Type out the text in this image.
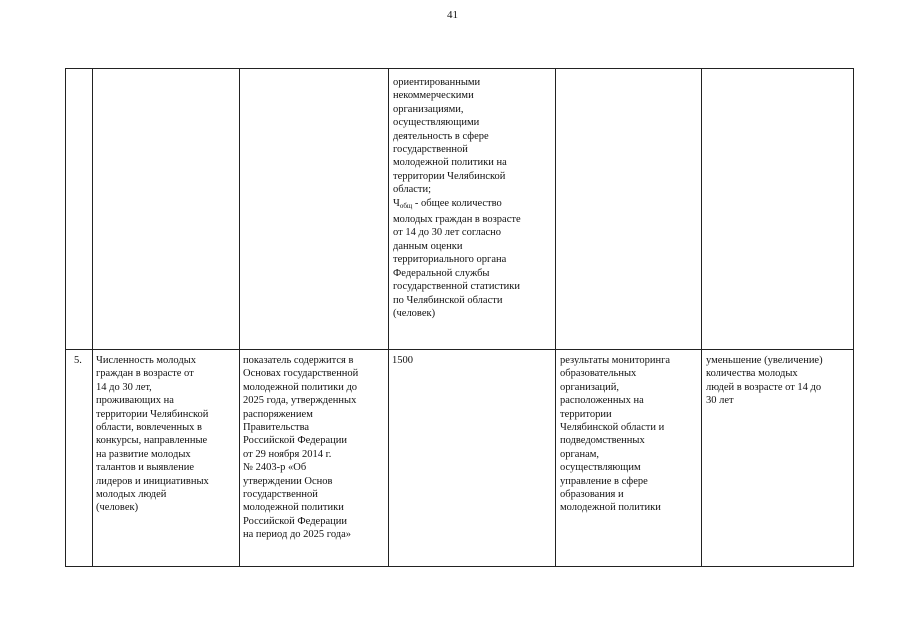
41
ориентированными
некоммерческими
организациями,
осуществляющими
деятельность в сфере
государственной
молодежной политики на
территории Челябинской
области;
$Ч_{общ}$ - общее количество
молодых граждан в возрасте
от 14 до 30 лет согласно
данным оценки
территориального органа
Федеральной службы
государственной статистики
по Челябинской области
(человек)
5.	Численность молодых
граждан в возрасте от
14 до 30 лет,
проживающих на
территории Челябинской
области, вовлеченных в
конкурсы, направленные
на развитие молодых
талантов и выявление
лидеров и инициативных
молодых людей
(человек)
показатель содержится в
Основах государственной
молодежной политики до
2025 года, утвержденных
распоряжением
Правительства
Российской Федерации
от 29 ноября 2014 г.
№ 2403-р «Об
утверждении Основ
государственной
молодежной политики
Российской Федерации
на период до 2025 года»
1500	результаты мониторинга
образовательных
организаций,
расположенных на
территории
Челябинской области и
подведомственных
органам,
осуществляющим
управление в сфере
образования и
молодежной политики
уменьшение (увеличение)
количества молодых
людей в возрасте от 14 до
30 лет
